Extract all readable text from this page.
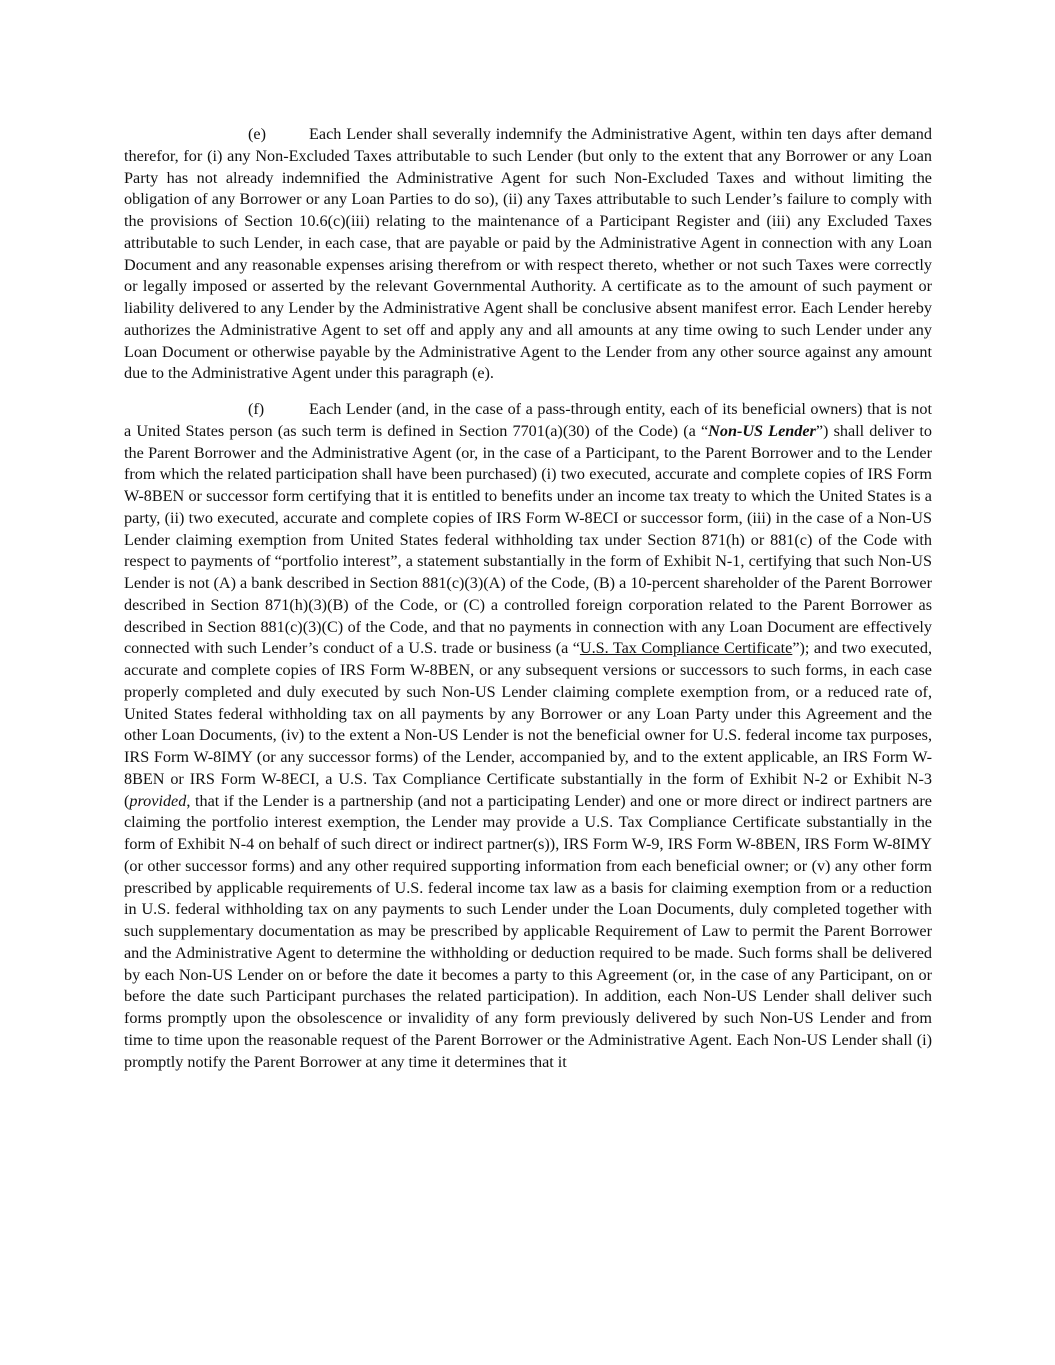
(e)	Each Lender shall severally indemnify the Administrative Agent, within ten days after demand therefor, for (i) any Non-Excluded Taxes attributable to such Lender (but only to the extent that any Borrower or any Loan Party has not already indemnified the Administrative Agent for such Non-Excluded Taxes and without limiting the obligation of any Borrower or any Loan Parties to do so), (ii) any Taxes attributable to such Lender’s failure to comply with the provisions of Section 10.6(c)(iii) relating to the maintenance of a Participant Register and (iii) any Excluded Taxes attributable to such Lender, in each case, that are payable or paid by the Administrative Agent in connection with any Loan Document and any reasonable expenses arising therefrom or with respect thereto, whether or not such Taxes were correctly or legally imposed or asserted by the relevant Governmental Authority. A certificate as to the amount of such payment or liability delivered to any Lender by the Administrative Agent shall be conclusive absent manifest error. Each Lender hereby authorizes the Administrative Agent to set off and apply any and all amounts at any time owing to such Lender under any Loan Document or otherwise payable by the Administrative Agent to the Lender from any other source against any amount due to the Administrative Agent under this paragraph (e).

(f)	Each Lender (and, in the case of a pass-through entity, each of its beneficial owners) that is not a United States person (as such term is defined in Section 7701(a)(30) of the Code) (a “Non-US Lender”) shall deliver to the Parent Borrower and the Administrative Agent (or, in the case of a Participant, to the Parent Borrower and to the Lender from which the related participation shall have been purchased) (i) two executed, accurate and complete copies of IRS Form W-8BEN or successor form certifying that it is entitled to benefits under an income tax treaty to which the United States is a party, (ii) two executed, accurate and complete copies of IRS Form W-8ECI or successor form, (iii) in the case of a Non-US Lender claiming exemption from United States federal withholding tax under Section 871(h) or 881(c) of the Code with respect to payments of “portfolio interest”, a statement substantially in the form of Exhibit N-1, certifying that such Non-US Lender is not (A) a bank described in Section 881(c)(3)(A) of the Code, (B) a 10-percent shareholder of the Parent Borrower described in Section 871(h)(3)(B) of the Code, or (C) a controlled foreign corporation related to the Parent Borrower as described in Section 881(c)(3)(C) of the Code, and that no payments in connection with any Loan Document are effectively connected with such Lender’s conduct of a U.S. trade or business (a “U.S. Tax Compliance Certificate”); and two executed, accurate and complete copies of IRS Form W-8BEN, or any subsequent versions or successors to such forms, in each case properly completed and duly executed by such Non-US Lender claiming complete exemption from, or a reduced rate of, United States federal withholding tax on all payments by any Borrower or any Loan Party under this Agreement and the other Loan Documents, (iv) to the extent a Non-US Lender is not the beneficial owner for U.S. federal income tax purposes, IRS Form W-8IMY (or any successor forms) of the Lender, accompanied by, and to the extent applicable, an IRS Form W-8BEN or IRS Form W-8ECI, a U.S. Tax Compliance Certificate substantially in the form of Exhibit N-2 or Exhibit N-3 (provided, that if the Lender is a partnership (and not a participating Lender) and one or more direct or indirect partners are claiming the portfolio interest exemption, the Lender may provide a U.S. Tax Compliance Certificate substantially in the form of Exhibit N-4 on behalf of such direct or indirect partner(s)), IRS Form W-9, IRS Form W-8BEN, IRS Form W-8IMY (or other successor forms) and any other required supporting information from each beneficial owner; or (v) any other form prescribed by applicable requirements of U.S. federal income tax law as a basis for claiming exemption from or a reduction in U.S. federal withholding tax on any payments to such Lender under the Loan Documents, duly completed together with such supplementary documentation as may be prescribed by applicable Requirement of Law to permit the Parent Borrower and the Administrative Agent to determine the withholding or deduction required to be made. Such forms shall be delivered by each Non-US Lender on or before the date it becomes a party to this Agreement (or, in the case of any Participant, on or before the date such Participant purchases the related participation). In addition, each Non-US Lender shall deliver such forms promptly upon the obsolescence or invalidity of any form previously delivered by such Non-US Lender and from time to time upon the reasonable request of the Parent Borrower or the Administrative Agent. Each Non-US Lender shall (i) promptly notify the Parent Borrower at any time it determines that it
